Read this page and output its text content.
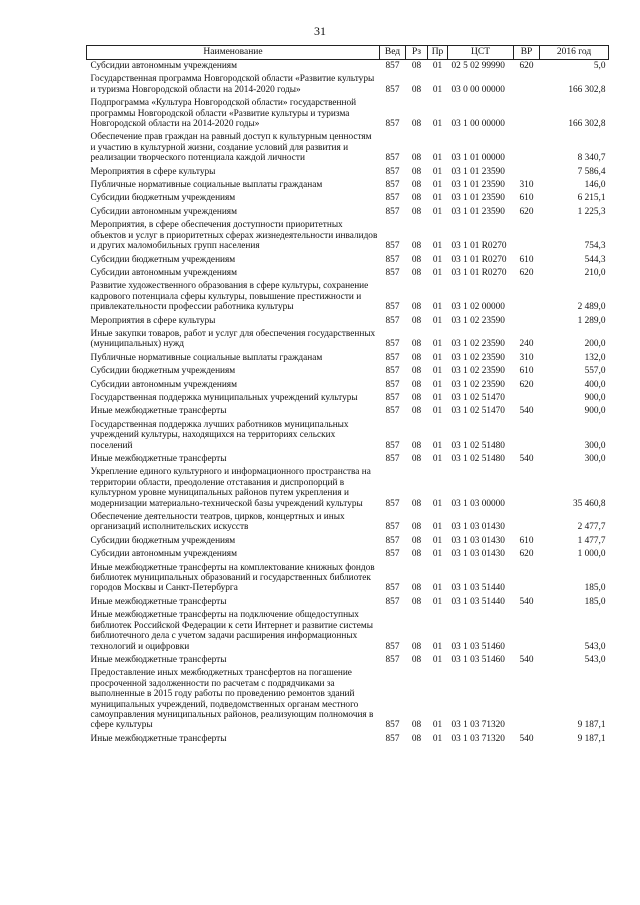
31
Наименование	Вед	Рз	Пр	ЦСТ	ВР	2016 год
Субсидии автономным учреждениям	857	08	01	02 5 02 99990	620	5,0
Государственная программа Новгородской области «Развитие культуры и туризма Новгородской области на 2014-2020 годы»	857	08	01	03 0 00 00000		166 302,8
Подпрограмма «Культура Новгородской области» государственной программы Новгородской области «Развитие культуры и туризма Новгородской области на 2014-2020 годы»	857	08	01	03 1 00 00000		166 302,8
Обеспечение прав граждан на равный доступ к культурным ценностям и участию в культурной жизни, создание условий для развития и реализации творческого потенциала каждой личности	857	08	01	03 1 01 00000		8 340,7
Мероприятия в сфере культуры	857	08	01	03 1 01 23590		7 586,4
Публичные нормативные социальные выплаты гражданам	857	08	01	03 1 01 23590	310	146,0
Субсидии бюджетным учреждениям	857	08	01	03 1 01 23590	610	6 215,1
Субсидии автономным учреждениям	857	08	01	03 1 01 23590	620	1 225,3
Мероприятия, в сфере обеспечения доступности приоритетных объектов и услуг в приоритетных сферах жизнедеятельности инвалидов и других маломобильных групп населения	857	08	01	03 1 01 R0270		754,3
Субсидии бюджетным учреждениям	857	08	01	03 1 01 R0270	610	544,3
Субсидии автономным учреждениям	857	08	01	03 1 01 R0270	620	210,0
Развитие художественного образования в сфере культуры, сохранение кадрового потенциала сферы культуры, повышение престижности и привлекательности профессии работника культуры	857	08	01	03 1 02 00000		2 489,0
Мероприятия в сфере культуры	857	08	01	03 1 02 23590		1 289,0
Иные закупки товаров, работ и услуг для обеспечения государственных (муниципальных) нужд	857	08	01	03 1 02 23590	240	200,0
Публичные нормативные социальные выплаты гражданам	857	08	01	03 1 02 23590	310	132,0
Субсидии бюджетным учреждениям	857	08	01	03 1 02 23590	610	557,0
Субсидии автономным учреждениям	857	08	01	03 1 02 23590	620	400,0
Государственная поддержка муниципальных учреждений культуры	857	08	01	03 1 02 51470		900,0
Иные межбюджетные трансферты	857	08	01	03 1 02 51470	540	900,0
Государственная поддержка лучших работников муниципальных учреждений культуры, находящихся на территориях сельских поселений	857	08	01	03 1 02 51480		300,0
Иные межбюджетные трансферты	857	08	01	03 1 02 51480	540	300,0
Укрепление единого культурного и информационного пространства на территории области, преодоление отставания и диспропорций в культурном уровне муниципальных районов путем укрепления и модернизации материально-технической базы учреждений культуры	857	08	01	03 1 03 00000		35 460,8
Обеспечение деятельности театров, цирков, концертных и иных организаций исполнительских искусств	857	08	01	03 1 03 01430		2 477,7
Субсидии бюджетным учреждениям	857	08	01	03 1 03 01430	610	1 477,7
Субсидии автономным учреждениям	857	08	01	03 1 03 01430	620	1 000,0
Иные межбюджетные трансферты на комплектование книжных фондов библиотек муниципальных образований и государственных библиотек городов Москвы и Санкт-Петербурга	857	08	01	03 1 03 51440		185,0
Иные межбюджетные трансферты	857	08	01	03 1 03 51440	540	185,0
Иные межбюджетные трансферты на подключение общедоступных библиотек Российской Федерации к сети Интернет и развитие системы библиотечного дела с учетом задачи расширения информационных технологий и оцифровки	857	08	01	03 1 03 51460		543,0
Иные межбюджетные трансферты	857	08	01	03 1 03 51460	540	543,0
Предоставление иных межбюджетных трансфертов на погашение просроченной задолженности по расчетам с подрядчиками за выполненные в 2015 году работы по проведению ремонтов зданий муниципальных учреждений, подведомственных органам местного самоуправления муниципальных районов, реализующим полномочия в сфере культуры	857	08	01	03 1 03 71320		9 187,1
Иные межбюджетные трансферты	857	08	01	03 1 03 71320	540	9 187,1
